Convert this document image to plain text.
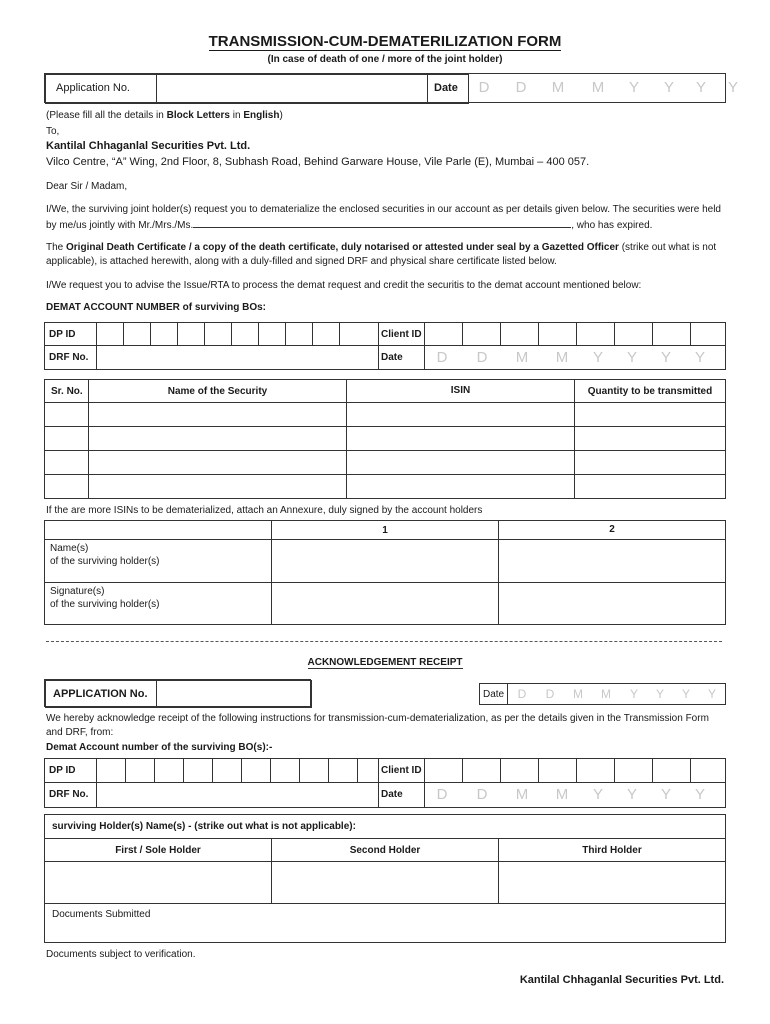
TRANSMISSION-CUM-DEMATERILIZATION FORM
(In case of death of one / more of the joint holder)
Application No.	Date	D	D	M	M	Y	Y	Y	Y
(Please fill all the details in Block Letters in English)
To,
Kantilal Chhaganlal Securities Pvt. Ltd.
Vilco Centre, “A” Wing, 2nd Floor, 8, Subhash Road, Behind Garware House, Vile Parle (E), Mumbai – 400 057.
Dear Sir / Madam,
I/We, the surviving joint holder(s) request you to dematerialize the enclosed securities in our account as per details given below. The securities were held by me/us jointly with Mr./Mrs./Ms.	, who has expired.
The Original Death Certificate / a copy of the death certificate, duly notarised or attested under seal by a Gazetted Officer (strike out what is not applicable), is attached herewith, along with a duly-filled and signed DRF and physical share certificate listed below.
I/We request you to advise the Issue/RTA to process the demat request and credit the securitis to the demat account mentioned below:
DEMAT ACCOUNT NUMBER of surviving BOs:
DP ID	Client ID
DRF No.	Date	D	D	M	M	Y	Y	Y	Y
Sr. No.	Name of the Security	ISIN	Quantity to be transmitted
If the are more ISINs to be dematerialized, attach an Annexure, duly signed by the account holders
1	2
Name(s)
of the surviving holder(s)
Signature(s)
of the surviving holder(s)
ACKNOWLEDGEMENT RECEIPT
APPLICATION No.	Date	D	D	M	M	Y	Y	Y	Y
We hereby acknowledge receipt of the following instructions for transmission-cum-dematerialization, as per the details given in the Transmission Form and DRF, from:
Demat Account number of the surviving BO(s):-
DP ID	Client ID
DRF No.	Date	D	D	M	M	Y	Y	Y	Y
surviving Holder(s) Name(s) - (strike out what is not applicable):
First / Sole Holder	Second Holder	Third Holder
Documents Submitted
Documents subject to verification.
Kantilal Chhaganlal Securities Pvt. Ltd.
